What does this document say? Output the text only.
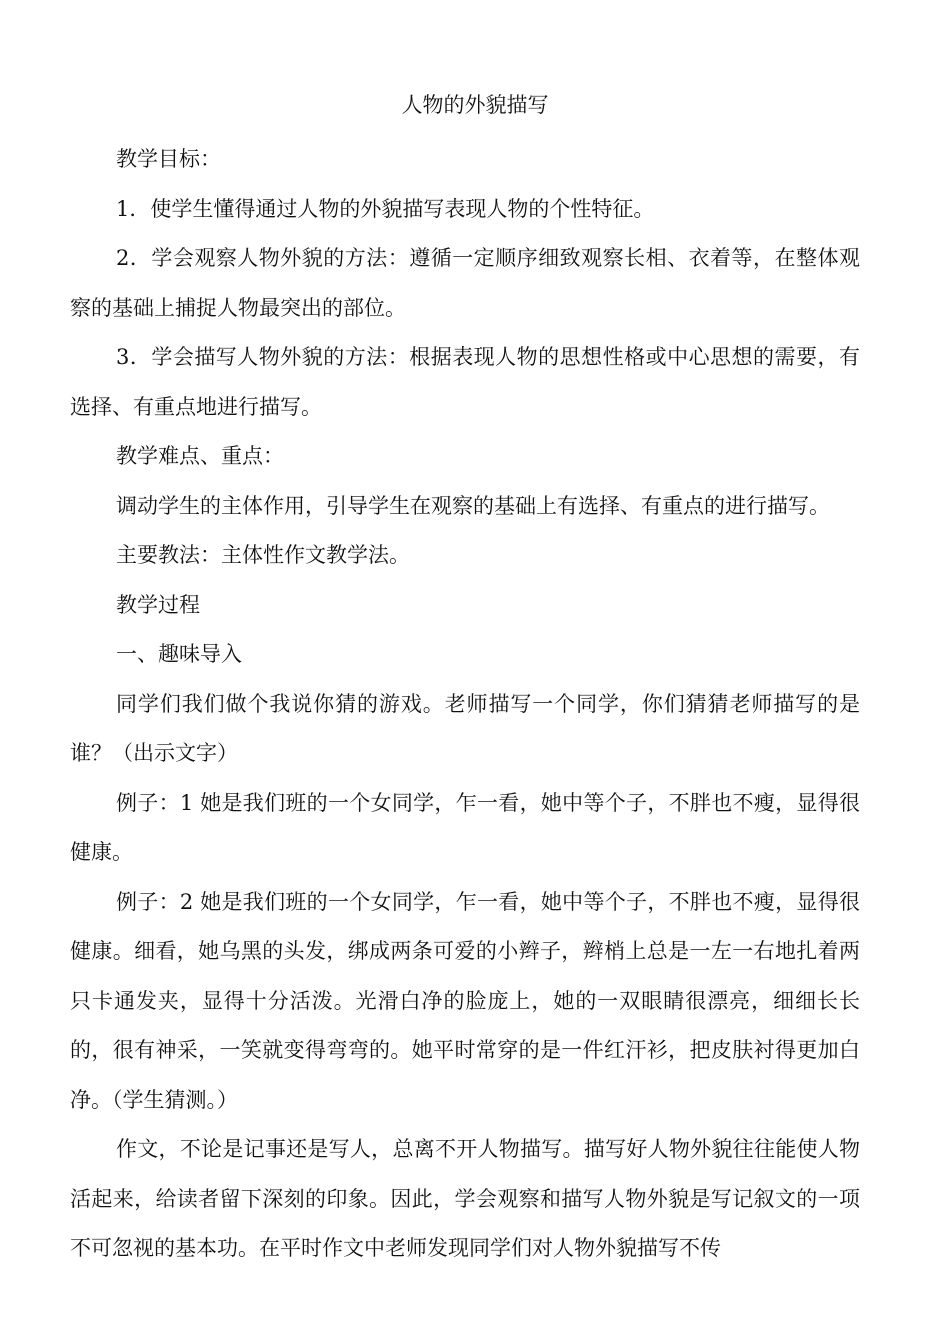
人物的外貌描写

教学目标：

1．使学生懂得通过人物的外貌描写表现人物的个性特征。

2．学会观察人物外貌的方法：遵循一定顺序细致观察长相、衣着等，在整体观察的基础上捕捉人物最突出的部位。

3．学会描写人物外貌的方法：根据表现人物的思想性格或中心思想的需要，有选择、有重点地进行描写。

教学难点、重点：

调动学生的主体作用，引导学生在观察的基础上有选择、有重点的进行描写。

主要教法：主体性作文教学法。

教学过程

一、趣味导入

同学们我们做个我说你猜的游戏。老师描写一个同学，你们猜猜老师描写的是谁？（出示文字）

例子：1 她是我们班的一个女同学，乍一看，她中等个子，不胖也不瘦，显得很健康。

例子：2 她是我们班的一个女同学，乍一看，她中等个子，不胖也不瘦，显得很健康。细看，她乌黑的头发，绑成两条可爱的小辫子，辫梢上总是一左一右地扎着两只卡通发夹，显得十分活泼。光滑白净的脸庞上，她的一双眼睛很漂亮，细细长长的，很有神采，一笑就变得弯弯的。她平时常穿的是一件红汗衫，把皮肤衬得更加白净。（学生猜测。）

作文，不论是记事还是写人，总离不开人物描写。描写好人物外貌往往能使人物活起来，给读者留下深刻的印象。因此，学会观察和描写人物外貌是写记叙文的一项不可忽视的基本功。在平时作文中老师发现同学们对人物外貌描写不传
